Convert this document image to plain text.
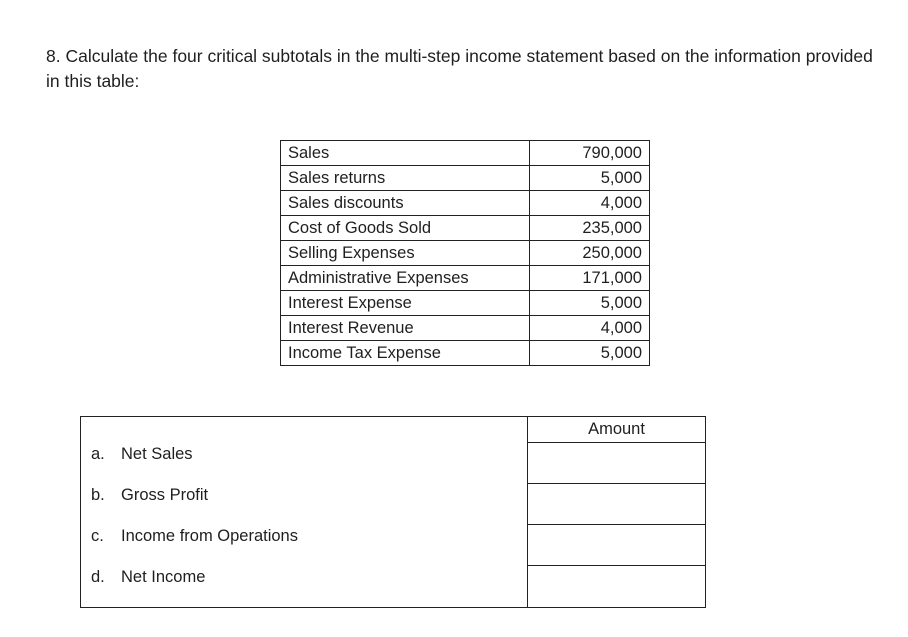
8. Calculate the four critical subtotals in the multi-step income statement based on the information provided in this table:

Sales	790,000
Sales returns	5,000
Sales discounts	4,000
Cost of Goods Sold	235,000
Selling Expenses	250,000
Administrative Expenses	171,000
Interest Expense	5,000
Interest Revenue	4,000
Income Tax Expense	5,000
	Amount
a. Net Sales	
b. Gross Profit	
c. Income from Operations	
d. Net Income	
